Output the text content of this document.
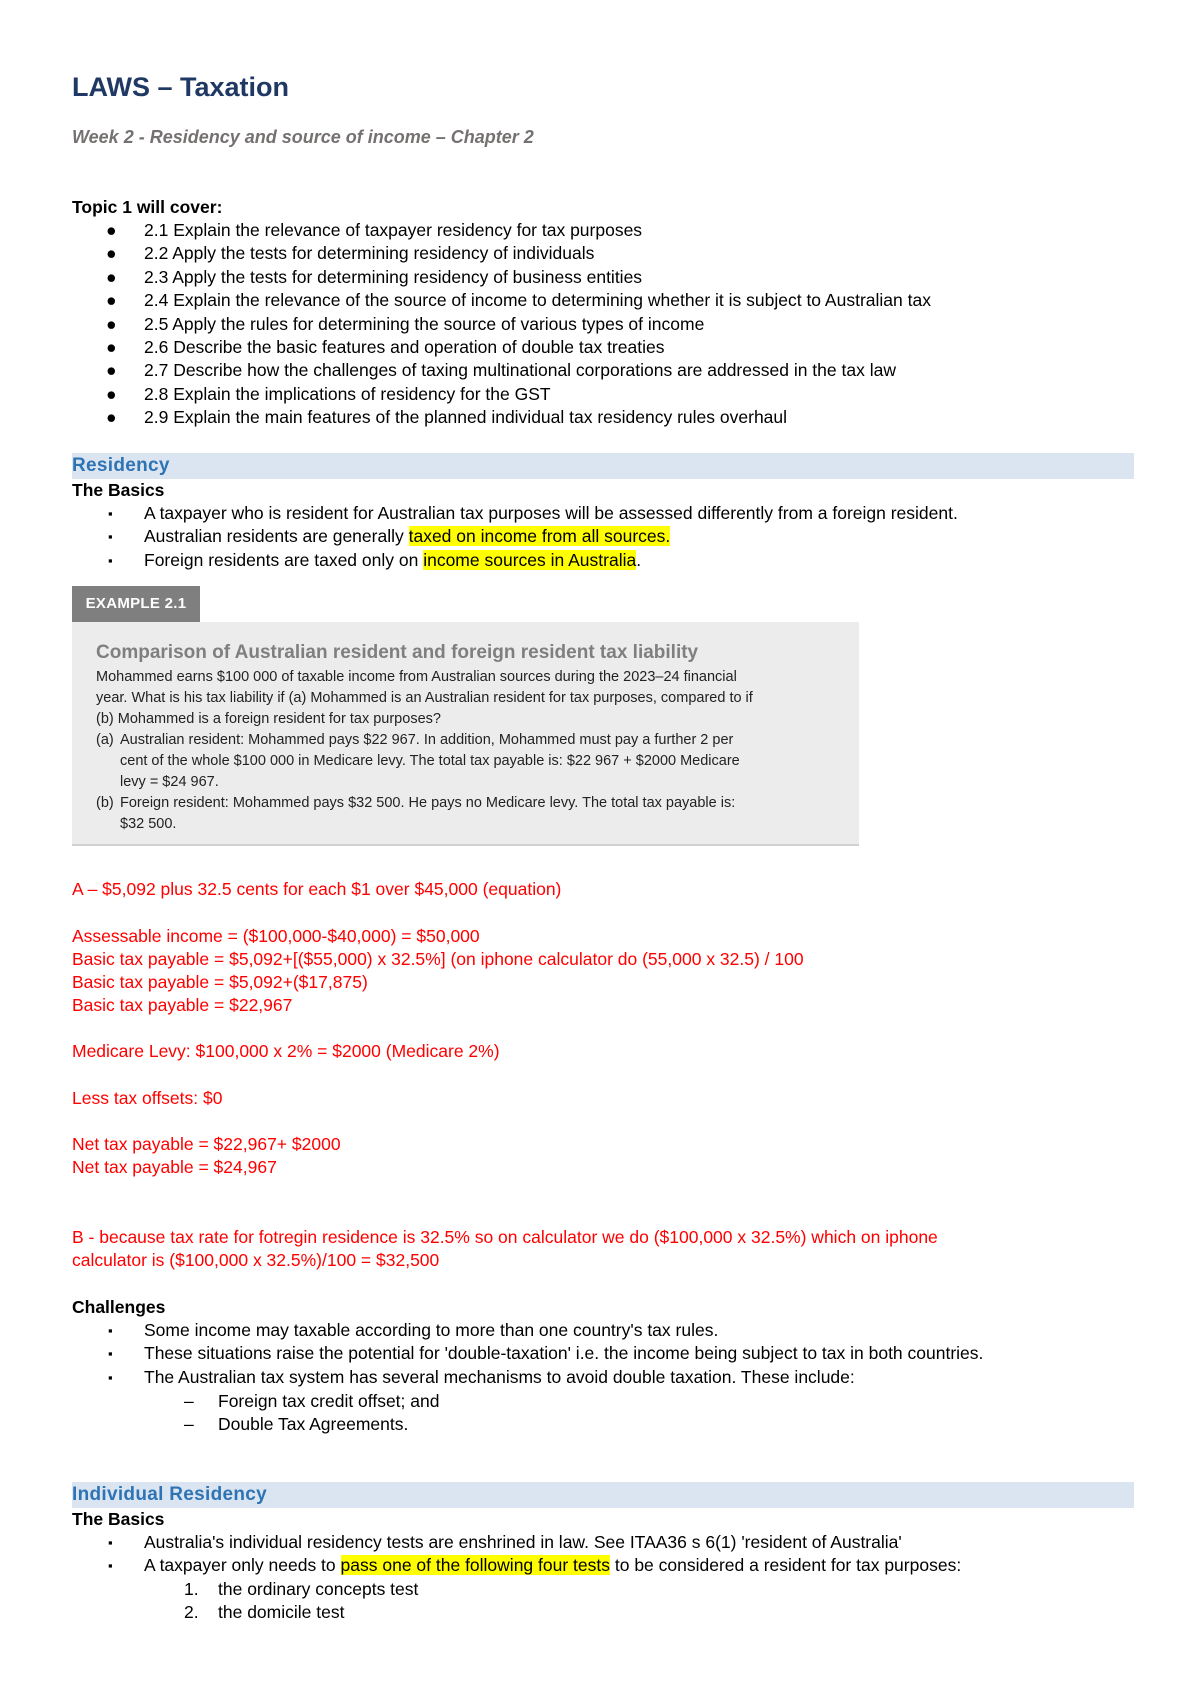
LAWS – Taxation
Week 2 - Residency and source of income – Chapter 2
Topic 1 will cover:
● 2.1 Explain the relevance of taxpayer residency for tax purposes
● 2.2 Apply the tests for determining residency of individuals
● 2.3 Apply the tests for determining residency of business entities
● 2.4 Explain the relevance of the source of income to determining whether it is subject to Australian tax
● 2.5 Apply the rules for determining the source of various types of income
● 2.6 Describe the basic features and operation of double tax treaties
● 2.7 Describe how the challenges of taxing multinational corporations are addressed in the tax law
● 2.8 Explain the implications of residency for the GST
● 2.9 Explain the main features of the planned individual tax residency rules overhaul
Residency
The Basics
▪ A taxpayer who is resident for Australian tax purposes will be assessed differently from a foreign resident.
▪ Australian residents are generally taxed on income from all sources.
▪ Foreign residents are taxed only on income sources in Australia.
EXAMPLE 2.1
Comparison of Australian resident and foreign resident tax liability
Mohammed earns $100 000 of taxable income from Australian sources during the 2023–24 financial
year. What is his tax liability if (a) Mohammed is an Australian resident for tax purposes, compared to if
(b) Mohammed is a foreign resident for tax purposes?
(a) Australian resident: Mohammed pays $22 967. In addition, Mohammed must pay a further 2 per
cent of the whole $100 000 in Medicare levy. The total tax payable is: $22 967 + $2000 Medicare
levy = $24 967.
(b) Foreign resident: Mohammed pays $32 500. He pays no Medicare levy. The total tax payable is:
$32 500.
A – $5,092 plus 32.5 cents for each $1 over $45,000 (equation)
Assessable income = ($100,000-$40,000) = $50,000
Basic tax payable = $5,092+[($55,000) x 32.5%] (on iphone calculator do (55,000 x 32.5) / 100
Basic tax payable = $5,092+($17,875)
Basic tax payable = $22,967
Medicare Levy: $100,000 x 2% = $2000 (Medicare 2%)
Less tax offsets: $0
Net tax payable = $22,967+ $2000
Net tax payable = $24,967
B - because tax rate for fotregin residence is 32.5% so on calculator we do ($100,000 x 32.5%) which on iphone
calculator is ($100,000 x 32.5%)/100 = $32,500
Challenges
▪ Some income may taxable according to more than one country's tax rules.
▪ These situations raise the potential for 'double-taxation' i.e. the income being subject to tax in both countries.
▪ The Australian tax system has several mechanisms to avoid double taxation. These include:
– Foreign tax credit offset; and
– Double Tax Agreements.
Individual Residency
The Basics
▪ Australia's individual residency tests are enshrined in law. See ITAA36 s 6(1) 'resident of Australia'
▪ A taxpayer only needs to pass one of the following four tests to be considered a resident for tax purposes:
1. the ordinary concepts test
2. the domicile test
